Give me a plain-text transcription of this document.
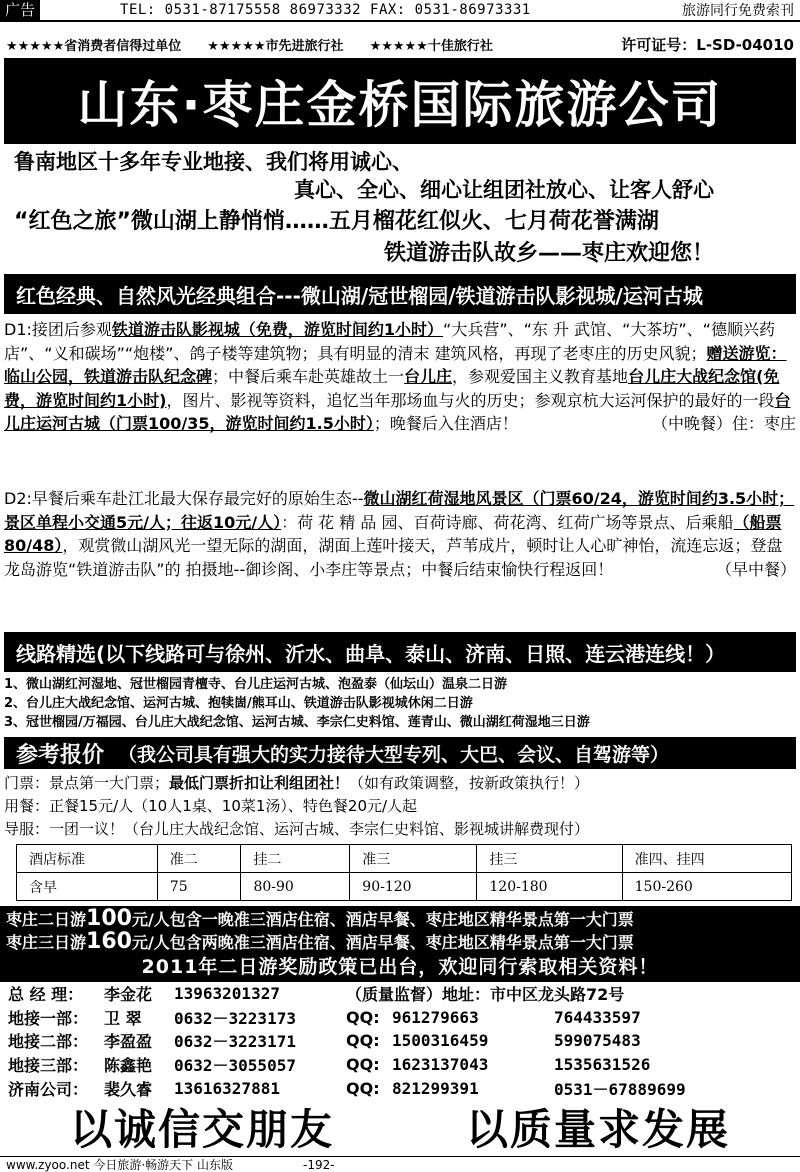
广告	TEL: 0531-87175558 86973332 FAX: 0531-86973331	旅游同行免费索刊
★★★★★省消费者信得过单位 ★★★★★市先进旅行社 ★★★★★十佳旅行社	许可证号：L-SD-04010
山东·枣庄金桥国际旅游公司
鲁南地区十多年专业地接、我们将用诚心、
真心、全心、细心让组团社放心、让客人舒心
“红色之旅”微山湖上静悄悄……五月榴花红似火、七月荷花誉满湖
铁道游击队故乡——枣庄欢迎您！
红色经典、自然风光经典组合---微山湖/冠世榴园/铁道游击队影视城/运河古城

D1:接团后参观铁道游击队影视城（免费，游览时间约1小时）“大兵营”、“东 升 武馆、“大茶坊”、“德顺兴药店”、“义和碳场”“炮楼”、鸽子楼等建筑物；具有明显的清末 建筑风格，再现了老枣庄的历史风貌；赠送游览：临山公园，铁道游击队纪念碑；中餐后乘车赴英雄故土一台儿庄，参观爱国主义教育基地台儿庄大战纪念馆(免费，游览时间约1小时)，图片、影视等资料，追忆当年那场血与火的历史；参观京杭大运河保护的最好的一段台儿庄运河古城（门票100/35，游览时间约1.5小时）；晚餐后入住酒店！	（中晚餐）住：枣庄

D2:早餐后乘车赴江北最大保存最完好的原始生态--微山湖红荷湿地风景区（门票60/24，游览时间约3.5小时；景区单程小交通5元/人；往返10元/人）：荷 花 精 品 园、百荷诗廊、荷花湾、红荷广场等景点、后乘船（船票80/48），观赏微山湖风光一望无际的湖面，湖面上莲叶接天，芦苇成片，顿时让人心旷神怡，流连忘返；登盘龙岛游览“铁道游击队”的 拍摄地--御诊阁、小李庄等景点；中餐后结束愉快行程返回！	（早中餐）

线路精选(以下线路可与徐州、沂水、曲阜、泰山、济南、日照、连云港连线！）
1、微山湖红河湿地、冠世榴园青檀寺、台儿庄运河古城、泡盈泰（仙坛山）温泉二日游
2、台儿庄大战纪念馆、运河古城、抱犊崮/熊耳山、铁道游击队影视城休闲二日游
3、冠世榴园/万福园、台儿庄大战纪念馆、运河古城、李宗仁史料馆、莲青山、微山湖红荷湿地三日游
参考报价 （我公司具有强大的实力接待大型专列、大巴、会议、自驾游等）
门票：景点第一大门票；最低门票折扣让利组团社！（如有政策调整，按新政策执行！）
用餐：正餐15元/人（10人1桌、10菜1汤）、特色餐20元/人起
导服：一团一议！（台儿庄大战纪念馆、运河古城、李宗仁史料馆、影视城讲解费现付）
酒店标准	准二	挂二	准三	挂三	准四、挂四
含早	75	80-90	90-120	120-180	150-260
枣庄二日游100元/人包含一晚准三酒店住宿、酒店早餐、枣庄地区精华景点第一大门票
枣庄三日游160元/人包含两晚准三酒店住宿、酒店早餐、枣庄地区精华景点第一大门票
2011年二日游奖励政策已出台，欢迎同行索取相关资料！
总 经 理：	李金花	13963201327	（质量监督）地址：市中区龙头路72号
地接一部： 卫 翠	0632－3223173	QQ: 961279663	764433597
地接二部： 李盈盈	0632－3223171	QQ: 1500316459	599075483
地接三部： 陈鑫艳	0632－3055057	QQ: 1623137043	1535631526
济南公司： 裴久睿	13616327881	QQ: 821299391	0531－67889699
以诚信交朋友	以质量求发展
www.zyoo.net 今日旅游·畅游天下 山东版	-192-
